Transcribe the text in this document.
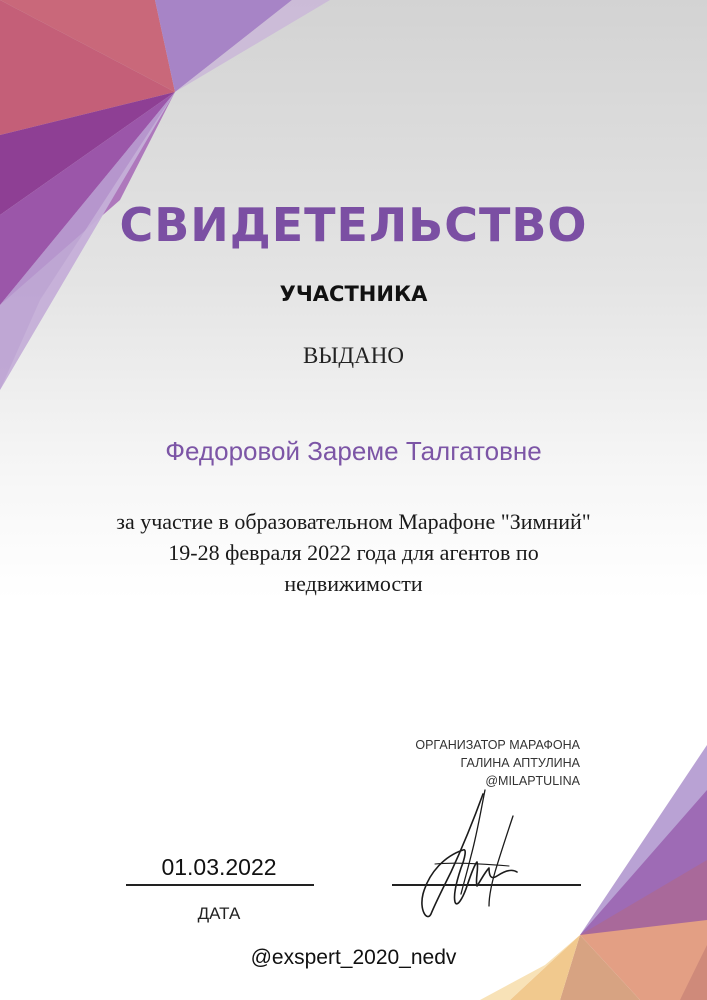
СВИДЕТЕЛЬСТВО
УЧАСТНИКА
ВЫДАНО
Федоровой Зареме Талгатовне
за участие в образовательном Марафоне "Зимний"
19-28 февраля 2022 года для агентов по
недвижимости
ОРГАНИЗАТОР МАРАФОНА
ГАЛИНА АПТУЛИНА
@MILAPTULINA
01.03.2022
ДАТА
@exspert_2020_nedv
